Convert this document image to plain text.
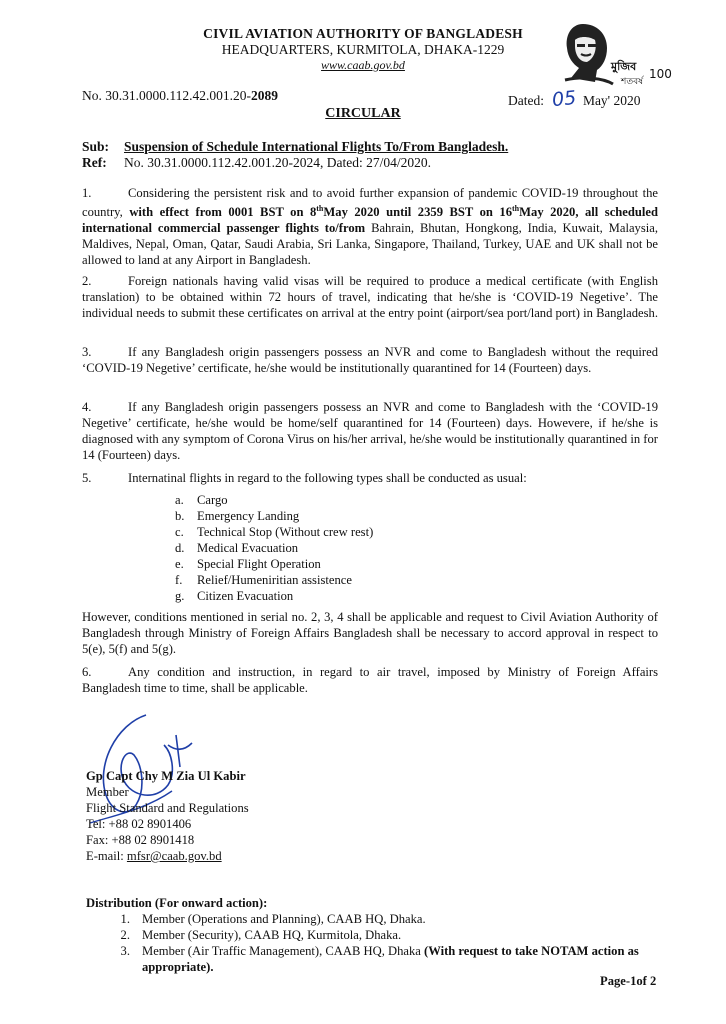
CIVIL AVIATION AUTHORITY OF BANGLADESH
HEADQUARTERS, KURMITOLA, DHAKA-1229
www.caab.gov.bd	মুজিব
শতবর্ষ
100
No. 30.31.0000.112.42.001.20-2089	Dated: 05 May' 2020
CIRCULAR
Sub: Suspension of Schedule International Flights To/From Bangladesh.
Ref: No. 30.31.0000.112.42.001.20-2024, Dated: 27/04/2020.
1.	Considering the persistent risk and to avoid further expansion of pandemic COVID-19 throughout the country, with effect from 0001 BST on 8thMay 2020 until 2359 BST on 16thMay 2020, all scheduled international commercial passenger flights to/from Bahrain, Bhutan, Hongkong, India, Kuwait, Malaysia, Maldives, Nepal, Oman, Qatar, Saudi Arabia, Sri Lanka, Singapore, Thailand, Turkey, UAE and UK shall not be allowed to land at any Airport in Bangladesh.
2.	Foreign nationals having valid visas will be required to produce a medical certificate (with English translation) to be obtained within 72 hours of travel, indicating that he/she is ‘COVID-19 Negetive’. The individual needs to submit these certificates on arrival at the entry point (airport/sea port/land port) in Bangladesh.
3.	If any Bangladesh origin passengers possess an NVR and come to Bangladesh without the required ‘COVID-19 Negetive’ certificate, he/she would be institutionally quarantined for 14 (Fourteen) days.
4.	If any Bangladesh origin passengers possess an NVR and come to Bangladesh with the ‘COVID-19 Negetive’ certificate, he/she would be home/self quarantined for 14 (Fourteen) days. Howevere, if he/she is diagnosed with any symptom of Corona Virus on his/her arrival, he/she would be institutionally quarantined in for 14 (Fourteen) days.
5.	Internatinal flights in regard to the following types shall be conducted as usual:
a.	Cargo
b. Emergency Landing
c.	Technical Stop (Without crew rest)
d. Medical Evacuation
e.	Special Flight Operation
f.	Relief/Humeniritian assistence
g. Citizen Evacuation
However, conditions mentioned in serial no. 2, 3, 4 shall be applicable and request to Civil Aviation Authority of Bangladesh through Ministry of Foreign Affairs Bangladesh shall be necessary to accord approval in respect to 5(e), 5(f) and 5(g).
6.	Any condition and instruction, in regard to air travel, imposed by Ministry of Foreign Affairs Bangladesh time to time, shall be applicable.
Gp Capt Chy M Zia Ul Kabir
Member
Flight Standard and Regulations
Tel: +88 02 8901406
Fax: +88 02 8901418
E-mail: mfsr@caab.gov.bd
Distribution (For onward action):
1. Member (Operations and Planning), CAAB HQ, Dhaka.
2. Member (Security), CAAB HQ, Kurmitola, Dhaka.
3. Member (Air Traffic Management), CAAB HQ, Dhaka (With request to take NOTAM action as appropriate).
Page-1of 2
